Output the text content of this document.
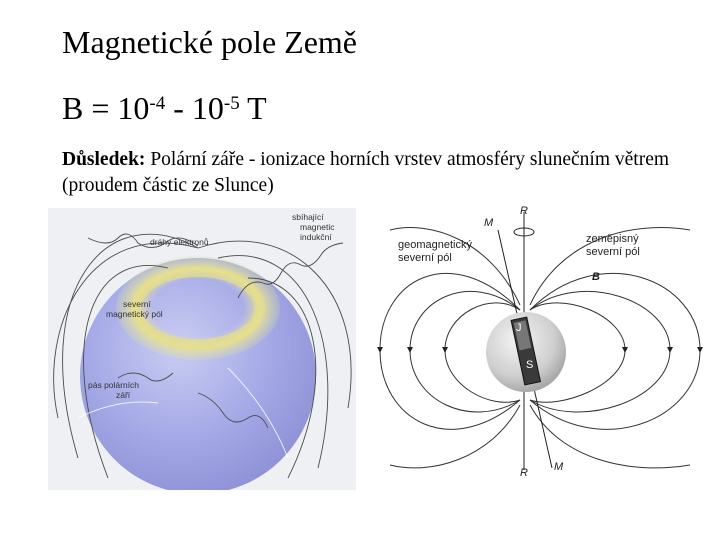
Magnetické pole Země
$B = 10^{-4} - 10^{-5}$ T
Důsledek: Polární záře - ionizace horních vrstev atmosféry slunečním větrem (proudem částic ze Slunce)
dráhy elektronů
sbíhající
magnetic
indukční
severní
magnetický pól
pás polárních
září
J
S
geomagnetický
severní pól
zeměpisný
severní pól
B
R
M
R M
